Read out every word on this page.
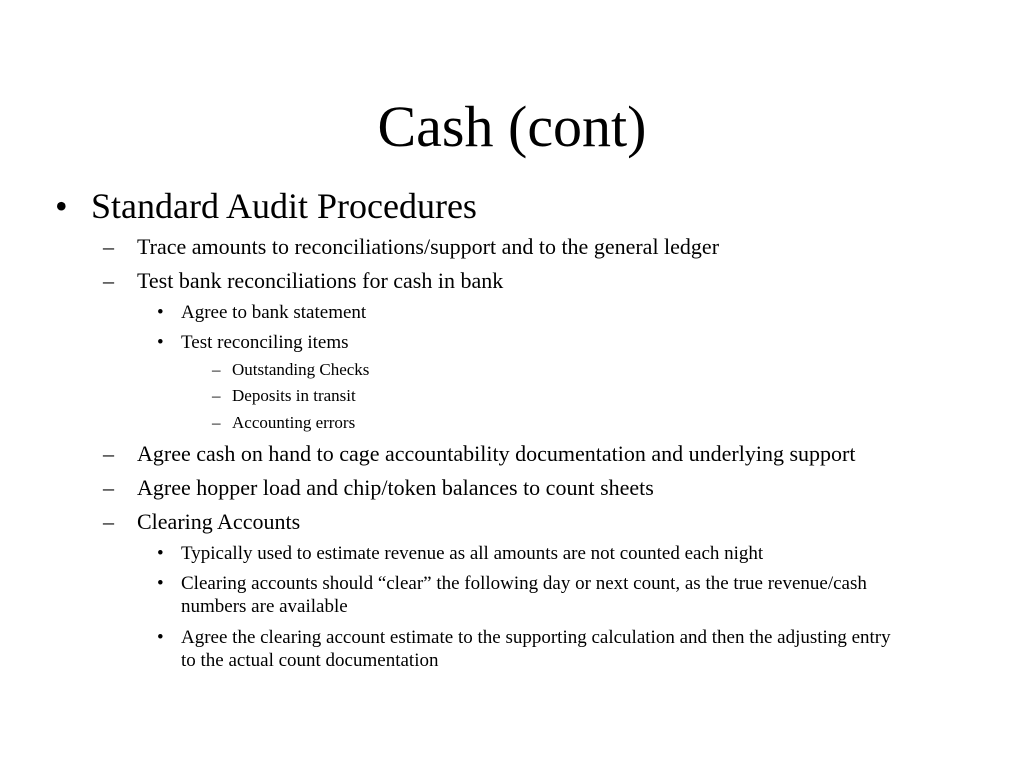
Cash (cont)
• Standard Audit Procedures
– Trace amounts to reconciliations/support and to the general ledger
– Test bank reconciliations for cash in bank
• Agree to bank statement
• Test reconciling items
– Outstanding Checks
– Deposits in transit
– Accounting errors
– Agree cash on hand to cage accountability documentation and underlying support
– Agree hopper load and chip/token balances to count sheets
– Clearing Accounts
• Typically used to estimate revenue as all amounts are not counted each night
• Clearing accounts should “clear” the following day or next count, as the true revenue/cash numbers are available
• Agree the clearing account estimate to the supporting calculation and then the adjusting entry to the actual count documentation
